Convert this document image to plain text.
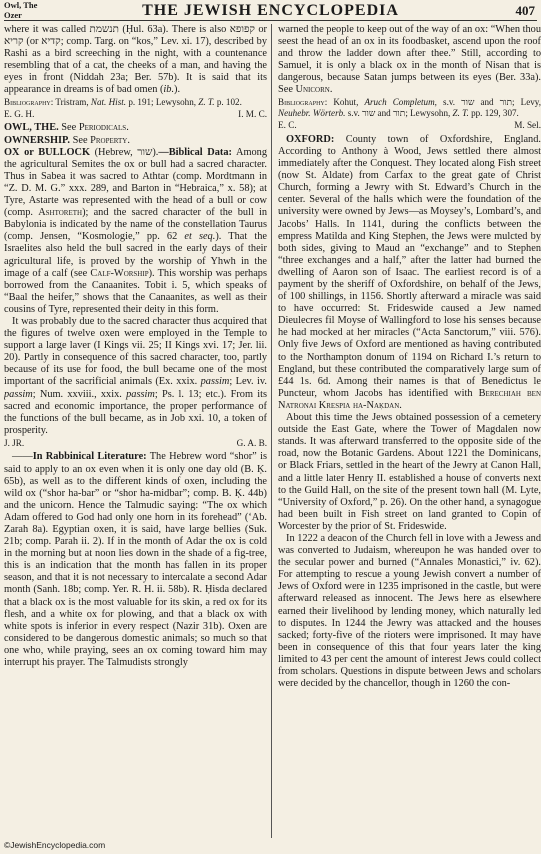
Owl, The
Ozer	THE JEWISH ENCYCLOPEDIA	407

where it was called תנשמת (Ḥul. 63a). There is also קפופא or קריא (or קדיא; comp. Targ. on “kos,” Lev. xi. 17), described by Rashi as a bird screeching in the night, with a countenance resembling that of a cat, the cheeks of a man, and having the eyes in front (Niddah 23a; Ber. 57b). It is said that its appearance in dreams is of bad omen (ib.).

Bibliography: Tristram, Nat. Hist. p. 191; Lewysohn, Z. T. p. 102.

E. G. H.	I. M. C.

OWL, THE. See Periodicals.

OWNERSHIP. See Property.

OX or BULLOCK (Hebrew, שור).—Biblical Data: Among the agricultural Semites the ox or bull had a sacred character. Thus in Sabea it was sacred to Athtar (comp. Mordtmann in “Z. D. M. G.” xxx. 289, and Barton in “Hebraica,” x. 58); at Tyre, Astarte was represented with the head of a bull or cow (comp. Ashtoreth); and the sacred character of the bull in Babylonia is indicated by the name of the constellation Taurus (comp. Jensen, “Kosmologie,” pp. 62 et seq.). That the Israelites also held the bull sacred in the early days of their agricultural life, is proved by the worship of Yhwh in the image of a calf (see Calf-Worship). This worship was perhaps borrowed from the Canaanites. Tobit i. 5, which speaks of “Baal the heifer,” shows that the Canaanites, as well as their cousins of Tyre, represented their deity in this form.

It was probably due to the sacred character thus acquired that the figures of twelve oxen were employed in the Temple to support a large laver (I Kings vii. 25; II Kings xvi. 17; Jer. lii. 20). Partly in consequence of this sacred character, too, partly because of its use for food, the bull became one of the most important of the sacrificial animals (Ex. xxix. passim; Lev. iv. passim; Num. xxviii., xxix. passim; Ps. l. 13; etc.). From its sacred and economic importance, the proper performance of the functions of the bull became, as in Job xxi. 10, a token of prosperity.

J. JR.	G. A. B.

——In Rabbinical Literature: The Hebrew word “shor” is said to apply to an ox even when it is only one day old (B. Ḳ. 65b), as well as to the different kinds of oxen, including the wild ox (“shor ha-bar” or “shor ha-midbar”; comp. B. Ḳ. 44b) and the unicorn. Hence the Talmudic saying: “The ox which Adam offered to God had only one horn in its forehead” (‘Ab. Zarah 8a). Egyptian oxen, it is said, have large bellies (Suk. 21b; comp. Parah ii. 2). If in the month of Adar the ox is cold in the morning but at noon lies down in the shade of a fig-tree, this is an indication that the month has fallen in its proper season, and that it is not necessary to intercalate a second Adar month (Sanh. 18b; comp. Yer. R. H. ii. 58b). R. Ḥisda declared that a black ox is the most valuable for its skin, a red ox for its flesh, and a white ox for plowing, and that a black ox with white spots is inferior in every respect (Nazir 31b). Oxen are considered to be dangerous domestic animals; so much so that one who, while praying, sees an ox coming toward him may interrupt his prayer. The Talmudists strongly

warned the people to keep out of the way of an ox: “When thou seest the head of an ox in its foodbasket, ascend upon the roof and throw the ladder down after thee.” Still, according to Samuel, it is only a black ox in the month of Nisan that is dangerous, because Satan jumps between its eyes (Ber. 33a). See Unicorn.

Bibliography: Kohut, Aruch Completum, s.v. שור and תור; Levy, Neuhebr. Wörterb. s.v. שור and תור; Lewysohn, Z. T. pp. 129, 307.

E. C.	M. Sel.

OXFORD: County town of Oxfordshire, England. According to Anthony à Wood, Jews settled there almost immediately after the Conquest. They located along Fish street (now St. Aldate) from Carfax to the great gate of Christ Church, forming a Jewry with St. Edward’s Church in the center. Several of the halls which were the foundation of the university were owned by Jews—as Moysey’s, Lombard’s, and Jacobs’ Halls. In 1141, during the conflicts between the empress Matilda and King Stephen, the Jews were mulcted by both sides, giving to Maud an “exchange” and to Stephen “three exchanges and a half,” after the latter had burned the dwelling of Aaron son of Isaac. The earliest record is of a payment by the sheriff of Oxfordshire, on behalf of the Jews, of 100 shillings, in 1156. Shortly afterward a miracle was said to have occurred: St. Frideswide caused a Jew named Dieulecres fil Moyse of Wallingford to lose his senses because he had mocked at her miracles (“Acta Sanctorum,” viii. 576). Only five Jews of Oxford are mentioned as having contributed to the Northampton donum of 1194 on Richard I.’s return to England, but these contributed the comparatively large sum of £44 1s. 6d. Among their names is that of Benedictus le Puncteur, whom Jacobs has identified with Berechiah ben Natronai Krespia ha-Naḳdan.

About this time the Jews obtained possession of a cemetery outside the East Gate, where the Tower of Magdalen now stands. It was afterward transferred to the opposite side of the road, now the Botanic Gardens. About 1221 the Dominicans, or Black Friars, settled in the heart of the Jewry at Canon Hall, and a little later Henry II. established a house of converts next to the Guild Hall, on the site of the present town hall (M. Lyte, “University of Oxford,” p. 26). On the other hand, a synagogue had been built in Fish street on land granted to Copin of Worcester by the prior of St. Frideswide.

In 1222 a deacon of the Church fell in love with a Jewess and was converted to Judaism, whereupon he was handed over to the secular power and burned (“Annales Monastici,” iv. 62). For attempting to rescue a young Jewish convert a number of Jews of Oxford were in 1235 imprisoned in the castle, but were afterward released as innocent. The Jews here as elsewhere earned their livelihood by lending money, which naturally led to disputes. In 1244 the Jewry was attacked and the houses sacked; forty-five of the rioters were imprisoned. It may have been in consequence of this that four years later the king limited to 43 per cent the amount of interest Jews could collect from scholars. Questions in dispute between Jews and scholars were decided by the chancellor, though in 1260 the con-

©JewishEncyclopedia.com
